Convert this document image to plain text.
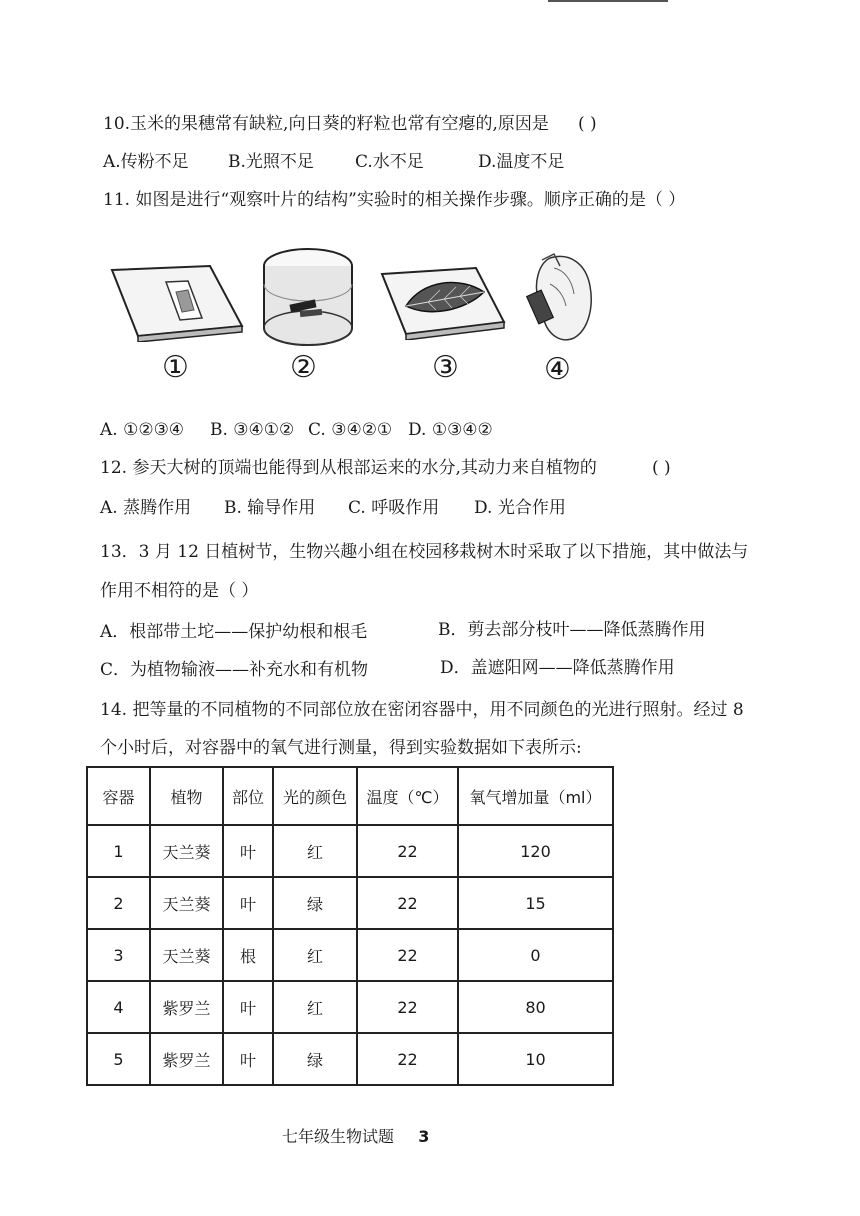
10.玉米的果穗常有缺粒,向日葵的籽粒也常有空瘪的,原因是 ( )
A.传粉不足 B.光照不足 C.水不足	D.温度不足
11. 如图是进行“观察叶片的结构”实验时的相关操作步骤。顺序正确的是（ ）
①	②	③	④
A. ①②③④ B. ③④①② C. ③④②① D. ①③④②
12. 参天大树的顶端也能得到从根部运来的水分,其动力来自植物的	( )
A. 蒸腾作用 B. 输导作用 C. 呼吸作用 D. 光合作用
13．3 月 12 日植树节，生物兴趣小组在校园移栽树木时采取了以下措施，其中做法与
作用不相符的是（ ）
A．根部带土坨——保护幼根和根毛	B．剪去部分枝叶——降低蒸腾作用
C．为植物输液——补充水和有机物	D．盖遮阳网——降低蒸腾作用
14. 把等量的不同植物的不同部位放在密闭容器中，用不同颜色的光进行照射。经过 8
个小时后，对容器中的氧气进行测量，得到实验数据如下表所示:
容器	植物	部位	光的颜色	温度（℃）	氧气增加量（ml）
1	天兰葵	叶	红	22	120
2	天兰葵	叶	绿	22	15
3	天兰葵	根	红	22	0
4	紫罗兰	叶	红	22	80
5	紫罗兰	叶	绿	22	10
七年级生物试题 3
